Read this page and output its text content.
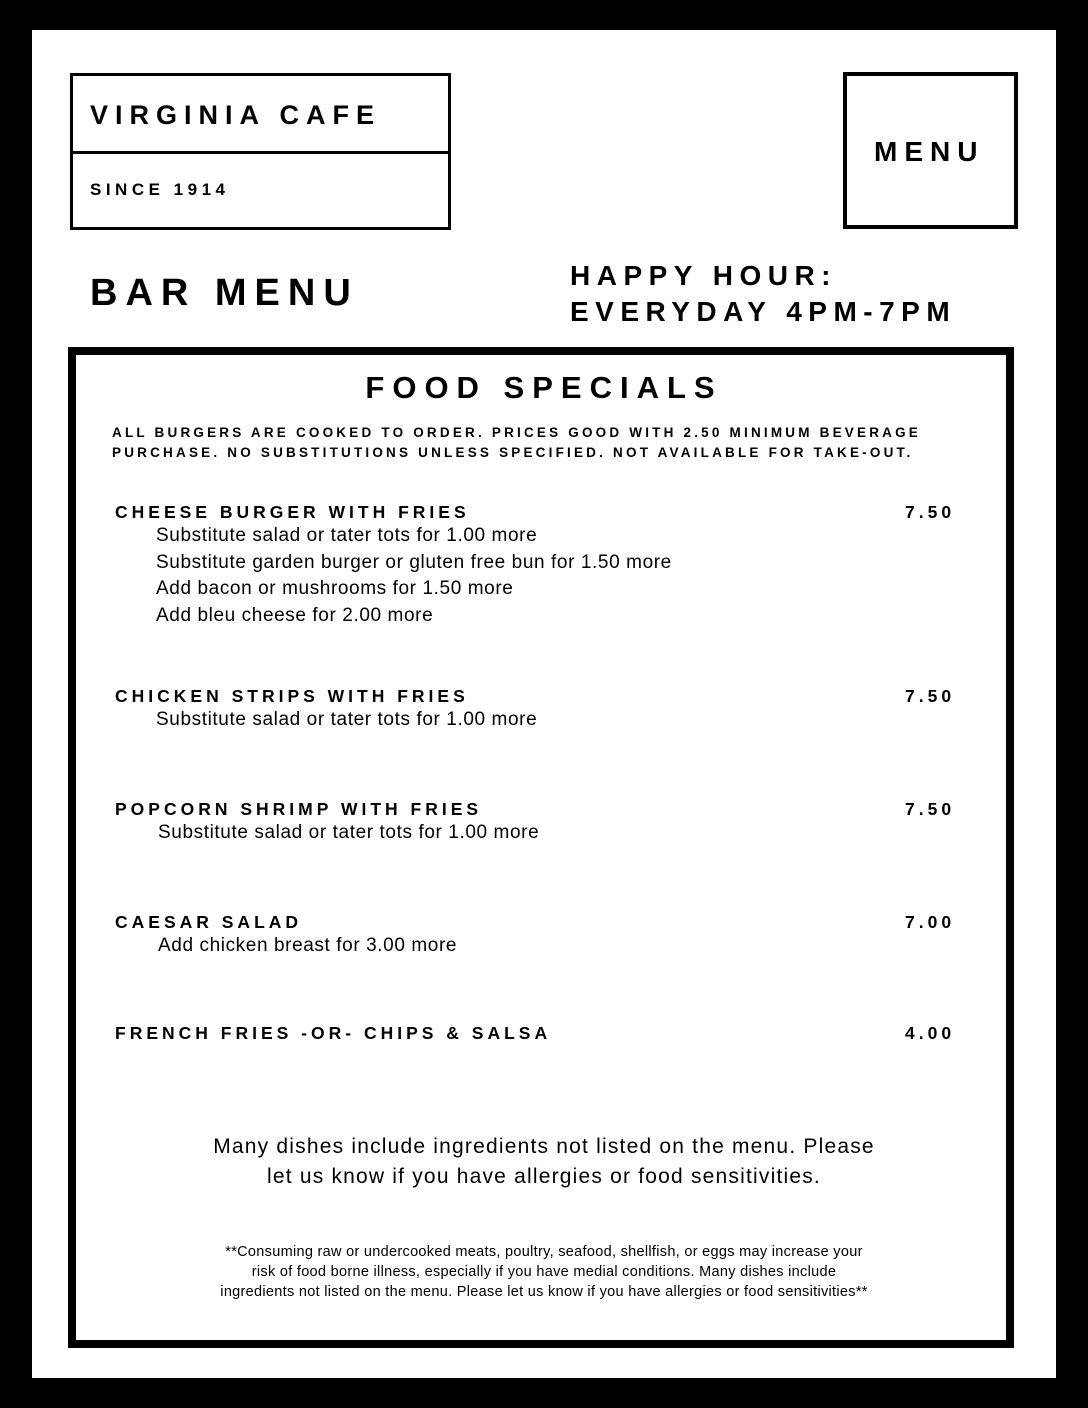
VIRGINIA CAFE
SINCE 1914
MENU
BAR MENU	HAPPY HOUR:
EVERYDAY 4PM-7PM
FOOD SPECIALS
ALL BURGERS ARE COOKED TO ORDER. PRICES GOOD WITH 2.50 MINIMUM BEVERAGE PURCHASE. NO SUBSTITUTIONS UNLESS SPECIFIED. NOT AVAILABLE FOR TAKE-OUT.
CHEESE BURGER WITH FRIES	7.50
Substitute salad or tater tots for 1.00 more
Substitute garden burger or gluten free bun for 1.50 more
Add bacon or mushrooms for 1.50 more
Add bleu cheese for 2.00 more
CHICKEN STRIPS WITH FRIES	7.50
Substitute salad or tater tots for 1.00 more
POPCORN SHRIMP WITH FRIES	7.50
Substitute salad or tater tots for 1.00 more
CAESAR SALAD	7.00
Add chicken breast for 3.00 more
FRENCH FRIES -OR- CHIPS & SALSA	4.00
Many dishes include ingredients not listed on the menu. Please
let us know if you have allergies or food sensitivities.
**Consuming raw or undercooked meats, poultry, seafood, shellfish, or eggs may increase your
risk of food borne illness, especially if you have medial conditions. Many dishes include
ingredients not listed on the menu. Please let us know if you have allergies or food sensitivities**
